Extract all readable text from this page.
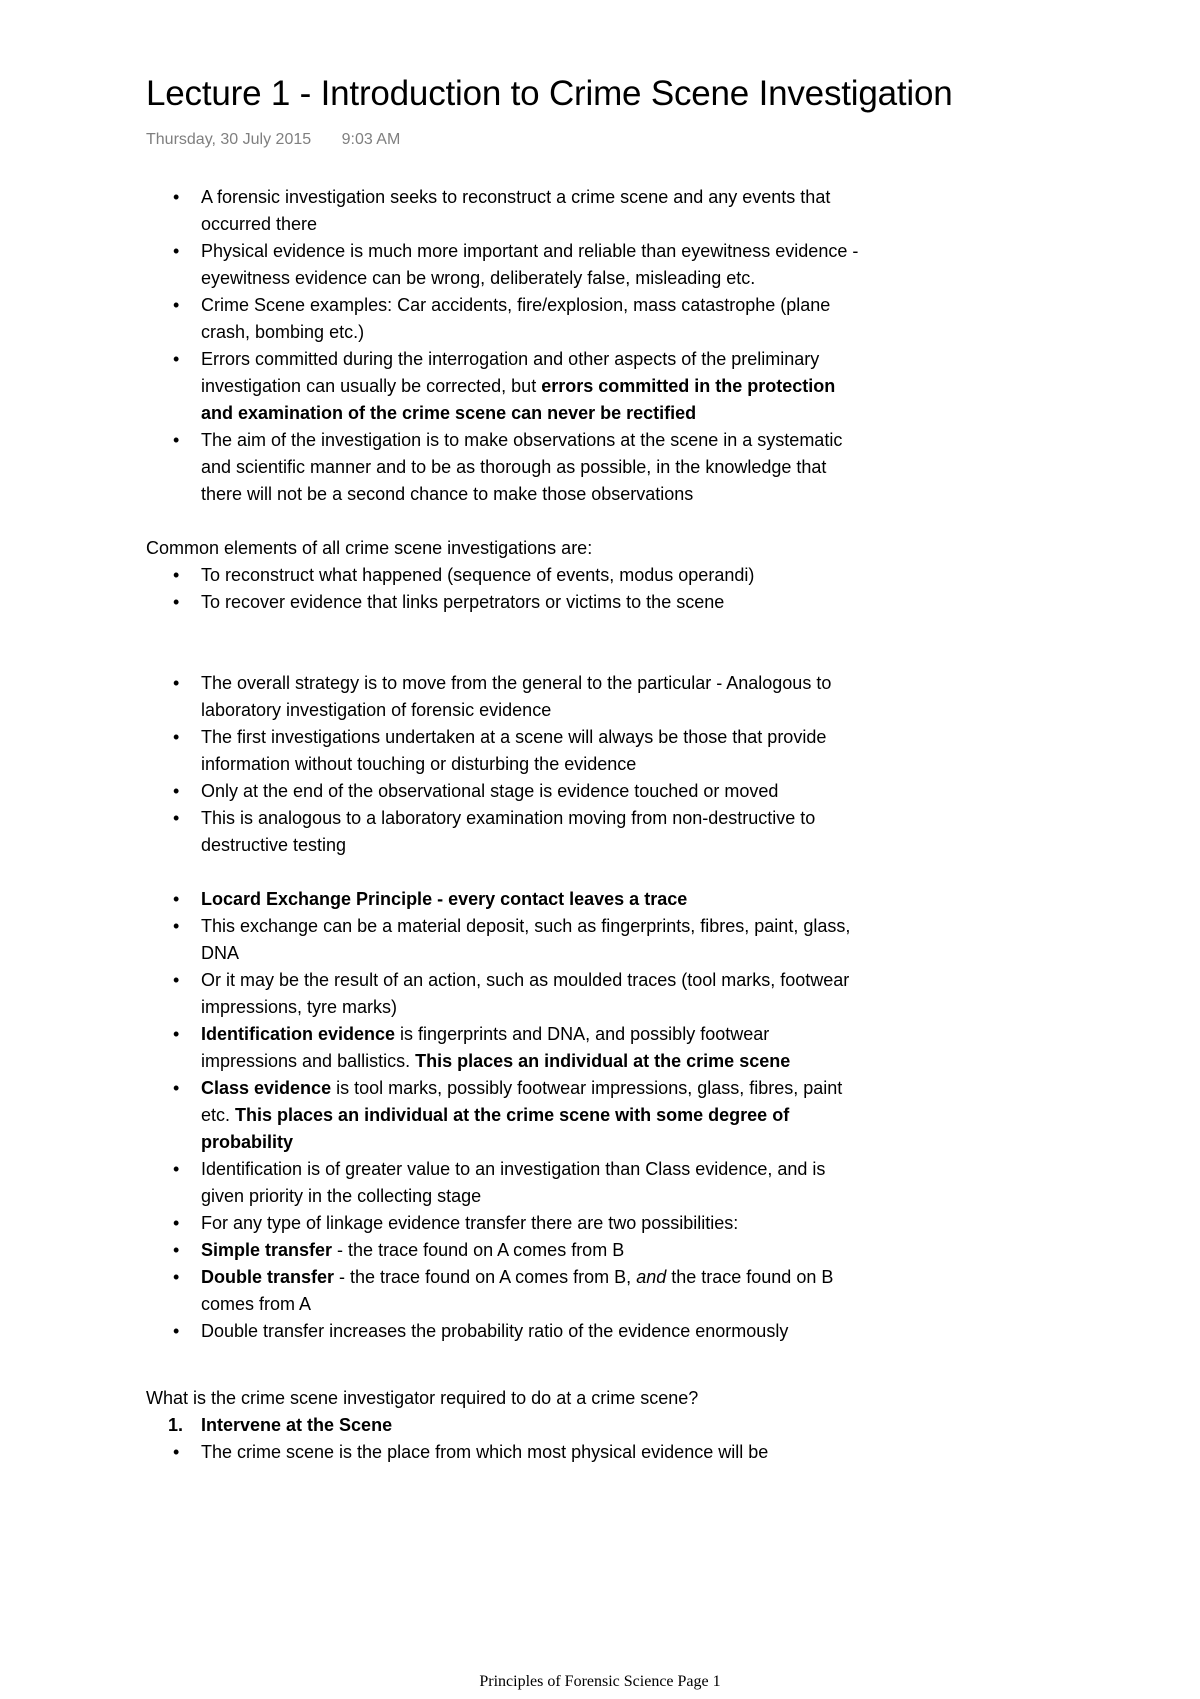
Lecture 1 - Introduction to Crime Scene Investigation
Thursday, 30 July 2015 9:03 AM
• A forensic investigation seeks to reconstruct a crime scene and any events that occurred there
• Physical evidence is much more important and reliable than eyewitness evidence - eyewitness evidence can be wrong, deliberately false, misleading etc.
• Crime Scene examples: Car accidents, fire/explosion, mass catastrophe (plane crash, bombing etc.)
• Errors committed during the interrogation and other aspects of the preliminary investigation can usually be corrected, but errors committed in the protection and examination of the crime scene can never be rectified
• The aim of the investigation is to make observations at the scene in a systematic and scientific manner and to be as thorough as possible, in the knowledge that there will not be a second chance to make those observations

Common elements of all crime scene investigations are:

• To reconstruct what happened (sequence of events, modus operandi)
• To recover evidence that links perpetrators or victims to the scene
• The overall strategy is to move from the general to the particular - Analogous to laboratory investigation of forensic evidence
• The first investigations undertaken at a scene will always be those that provide information without touching or disturbing the evidence
• Only at the end of the observational stage is evidence touched or moved
• This is analogous to a laboratory examination moving from non-destructive to destructive testing
• Locard Exchange Principle - every contact leaves a trace
• This exchange can be a material deposit, such as fingerprints, fibres, paint, glass, DNA
• Or it may be the result of an action, such as moulded traces (tool marks, footwear impressions, tyre marks)
• Identification evidence is fingerprints and DNA, and possibly footwear impressions and ballistics. This places an individual at the crime scene
• Class evidence is tool marks, possibly footwear impressions, glass, fibres, paint etc. This places an individual at the crime scene with some degree of probability
• Identification is of greater value to an investigation than Class evidence, and is given priority in the collecting stage
• For any type of linkage evidence transfer there are two possibilities:
• Simple transfer - the trace found on A comes from B
• Double transfer - the trace found on A comes from B, and the trace found on B comes from A
• Double transfer increases the probability ratio of the evidence enormously

What is the crime scene investigator required to do at a crime scene?

1. Intervene at the Scene
• The crime scene is the place from which most physical evidence will be
Principles of Forensic Science Page 1
